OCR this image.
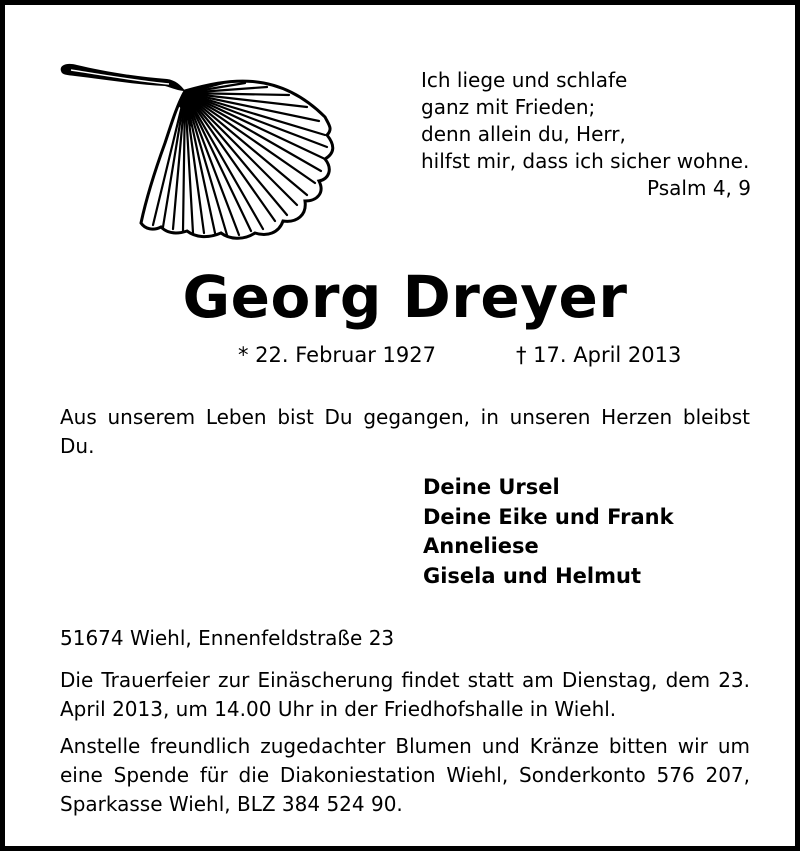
Ich liege und schlafe
ganz mit Frieden;
denn allein du, Herr,
hilfst mir, dass ich sicher wohne.
Psalm 4, 9
Georg Dreyer
* 22. Februar 1927	† 17. April 2013
Aus unserem Leben bist Du gegangen, in unseren Herzen bleibst Du.
Deine Ursel
Deine Eike und Frank
Anneliese
Gisela und Helmut
51674 Wiehl, Ennenfeldstraße 23
Die Trauerfeier zur Einäscherung findet statt am Dienstag, dem 23. April 2013, um 14.00 Uhr in der Friedhofshalle in Wiehl.
Anstelle freundlich zugedachter Blumen und Kränze bitten wir um eine Spende für die Diakoniestation Wiehl, Sonderkonto 576 207, Sparkasse Wiehl, BLZ 384 524 90.
